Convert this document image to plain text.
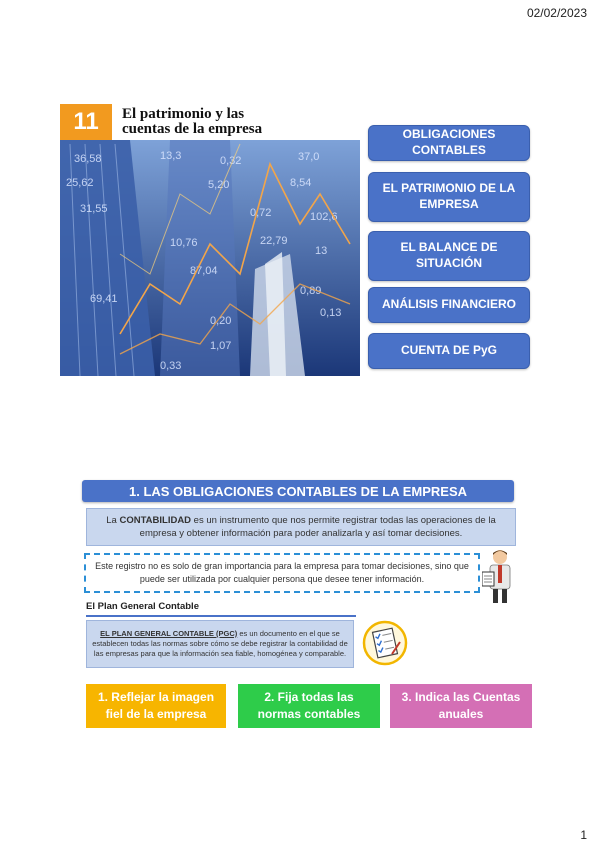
02/02/2023
36,58	13,3	0,32	37,0
25,62	5,20	8,54
31,55	0,72	102,6
10,76	22,79
13
87,04
0,89
69,41
0,20
0,13
1,07
0,33
11	El patrimonio y las
cuentas de la empresa	OBLIGACIONES CONTABLES
EL PATRIMONIO DE LA EMPRESA
EL BALANCE DE SITUACIÓN
ANÁLISIS FINANCIERO
CUENTA DE PyG
1. LAS OBLIGACIONES CONTABLES DE LA EMPRESA
La CONTABILIDAD es un instrumento que nos permite registrar todas las operaciones de la empresa y obtener información para poder analizarla y así tomar decisiones.
Este registro no es solo de gran importancia para la empresa para tomar decisiones, sino que puede ser utilizada por cualquier persona que desee tener información.
El Plan General Contable
EL PLAN GENERAL CONTABLE (PGC) es un documento en el que se establecen todas las normas sobre cómo se debe registrar la contabilidad de las empresas para que la información sea fiable, homogénea y comparable.
1. Reflejar la imagen fiel de la empresa
2. Fija todas las normas contables
3. Indica las Cuentas anuales
1
